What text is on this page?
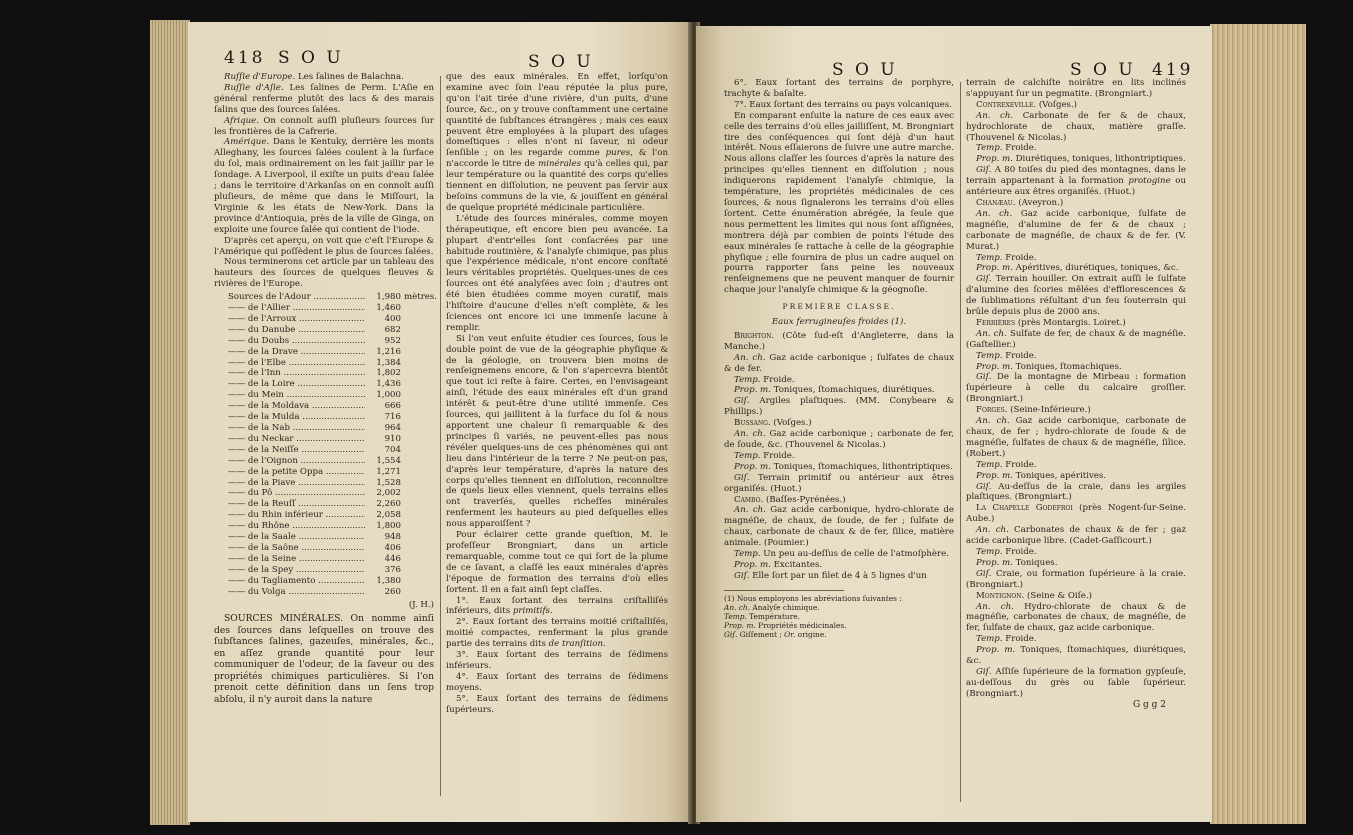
418 S O U	S O U

Ruſſie d'Europe. Les ſalines de Balachna.

Ruſſie d'Aſie. Les ſalines de Perm. L'Aſie en général renferme plutôt des lacs & des marais ſalins que des ſources ſalées.

Afrique. On connoît auſſi pluſieurs ſources ſur les frontières de la Cafrerie.

Amérique. Dans le Kentuky, derrière les monts Alleghany, les ſources ſalées coulent à la ſurface du ſol, mais ordinairement on les fait jaillir par le ſondage. A Liverpool, il exiſte un puits d'eau ſalée ; dans le territoire d'Arkanſas on en connoît auſſi pluſieurs, de même que dans le Miſſouri, la Virginie & les états de New-York. Dans la province d'Antioquia, près de la ville de Ginga, on exploite une ſource ſalée qui contient de l'iode.

D'après cet aperçu, on voit que c'eſt l'Europe & l'Amérique qui poſſèdent le plus de ſources ſalées.

Nous terminerons cet article par un tableau des hauteurs des ſources de quelques fleuves & rivières de l'Europe.

Sources de l'Adour .....	1,980 mètres.
—— de l'Allier .....	1,460
—— de l'Arroux .....	400
—— du Danube .....	682
—— du Doubs .....	952
—— de la Drave .....	1,216
—— de l'Elbe .....	1,384
—— de l'Inn .....	1,802
—— de la Loire .....	1,436
—— du Mein .....	1,000
—— de la Moldava .....	666
—— de la Mulda .....	716
—— de la Nab .....	964
—— du Neckar .....	910
—— de la Neiſſe .....	704
—— de l'Oignon .....	1,554
—— de la petite Oppa .....	1,271
—— de la Piave .....	1,528
—— du Pô .....	2,002
—— de la Reuſſ .....	2,260
—— du Rhin inférieur .....	2,058
—— du Rhône .....	1,800
—— de la Saale .....	948
—— de la Saône .....	406
—— de la Seine .....	446
—— de la Spey .....	376
—— du Tagliamento .....	1,380
—— du Volga .....	260
(J. H.)

SOURCES MINÉRALES. On nomme ainſi des ſources dans leſquelles on trouve des ſubſtances ſalines, gazeuſes, minérales, &c., en aſſez grande quantité pour leur communiquer de l'odeur, de la ſaveur ou des propriétés chimiques particulières. Si l'on prenoit cette définition dans un ſens trop abſolu, il n'y auroit dans la nature

que des eaux minérales. En effet, lorſqu'on examine avec ſoin l'eau réputée la plus pure, qu'on l'ait tirée d'une rivière, d'un puits, d'une ſource, &c., on y trouve conſtamment une certaine quantité de ſubſtances étrangères ; mais ces eaux peuvent être employées à la plupart des uſages domeſtiques : elles n'ont ni ſaveur, ni odeur ſenſible ; on les regarde comme pures, & l'on n'accorde le titre de minérales qu'à celles qui, par leur température ou la quantité des corps qu'elles tiennent en diſſolution, ne peuvent pas ſervir aux beſoins communs de la vie, & jouiſſent en général de quelque propriété médicinale particulière.

L'étude des ſources minérales, comme moyen thérapeutique, eſt encore bien peu avancée. La plupart d'entr'elles ſont conſacrées par une habitude routinière, & l'analyſe chimique, pas plus que l'expérience médicale, n'ont encore conſtaté leurs véritables propriétés. Quelques-unes de ces ſources ont été analyſées avec ſoin ; d'autres ont été bien étudiées comme moyen curatif, mais l'hiſtoire d'aucune d'elles n'eſt complète, & les ſciences ont encore ici une immenſe lacune à remplir.

Si l'on veut enſuite étudier ces ſources, ſous le double point de vue de la géographie phyſique & de la géologie, on trouvera bien moins de renſeignemens encore, & l'on s'apercevra bientôt que tout ici reſte à faire. Certes, en l'envisageant ainſi, l'étude des eaux minérales eſt d'un grand intérêt & peut-être d'une utilité immenſe. Ces ſources, qui jaillitent à la ſurface du ſol & nous apportent une chaleur ſi remarquable & des principes ſi variés, ne peuvent-elles pas nous révéler quelques-uns de ces phénomènes qui ont lieu dans l'intérieur de la terre ? Ne peut-on pas, d'après leur température, d'après la nature des corps qu'elles tiennent en diſſolution, reconnoître de quels lieux elles viennent, quels terrains elles ont traverſés, quelles richeſſes minérales renferment les hauteurs au pied deſquelles elles nous apparoiſſent ?

Pour éclairer cette grande queſtion, M. le profeſſeur Brongniart, dans un article remarquable, comme tout ce qui ſort de la plume de ce ſavant, a claſſé les eaux minérales d'après l'époque de formation des terrains d'où elles ſortent. Il en a fait ainſi ſept claſſes.

1°. Eaux ſortant des terrains criſtalliſés inférieurs, dits primitifs.

2°. Eaux ſortant des terrains moitié criſtalliſés, moitié compactes, renfermant la plus grande partie des terrains dits de tranſition.

3°. Eaux ſortant des terrains de ſédimens inférieurs.

4°. Eaux ſortant des terrains de ſédimens moyens.

5°. Eaux ſortant des terrains de ſédimens ſupérieurs.

S O U	S O U 419

6°. Eaux ſortant des terrains de porphyre, trachyte & baſalte.

7°. Eaux ſortant des terrains ou pays volcaniques.

En comparant enſuite la nature de ces eaux avec celle des terrains d'où elles jailliſſent, M. Brongniart tire des conſéquences qui ſont déjà d'un haut intérêt. Nous eſſaierons de ſuivre une autre marche. Nous allons claſſer les ſources d'après la nature des principes qu'elles tiennent en diſſolution ; nous indiquerons rapidement l'analyſe chimique, la température, les propriétés médicinales de ces ſources, & nous ſignalerons les terrains d'où elles ſortent. Cette énumération abrégée, la ſeule que nous permettent les limites qui nous ſont aſſignées, montrera déjà par combien de points l'étude des eaux minérales ſe rattache à celle de la géographie phyſique ; elle fournira de plus un cadre auquel on pourra rapporter ſans peine les nouveaux renſeignemens que ne peuvent manquer de fournir chaque jour l'analyſe chimique & la géognoſie.

PREMIÈRE CLASSE.

Eaux ferrugineuſes froides (1).

Brighton. (Côte ſud-eſt d'Angleterre, dans la Manche.)

An. ch. Gaz acide carbonique ; ſulfates de chaux & de fer.

Temp. Froide.

Prop. m. Toniques, ſtomachiques, diurétiques.

Giſ. Argiles plaſtiques. (MM. Conybeare & Phillips.)

Bussang. (Voſges.)

An. ch. Gaz acide carbonique ; carbonate de fer, de ſoude, &c. (Thouvenel & Nicolas.)

Temp. Froide.

Prop. m. Toniques, ſtomachiques, lithontriptiques.

Giſ. Terrain primitif ou antérieur aux êtres organiſés. (Huot.)

Cambo. (Baſſes-Pyrénées.)

An. ch. Gaz acide carbonique, hydro-chlorate de magnéſie, de chaux, de ſoude, de fer ; ſulfate de chaux, carbonate de chaux & de fer, ſilice, matière animale. (Poumier.)

Temp. Un peu au-deſſus de celle de l'atmoſphère.

Prop. m. Excitantes.

Giſ. Elle ſort par un filet de 4 à 5 lignes d'un

(1) Nous employons les abréviations ſuivantes :
An. ch. Analyſe chimique.
Temp. Température.
Prop. m. Propriétés médicinales.
Giſ. Giſſement ; Or. origine.

terrain de calchiſte noirâtre en lits inclinés s'appuyant ſur un pegmatite. (Brongniart.)

Contrexeville. (Voſges.)

An. ch. Carbonate de fer & de chaux, hydrochlorate de chaux, matière graſſe. (Thouvenel & Nicolas.)

Temp. Froide.

Prop. m. Diurétiques, toniques, lithontriptiques.

Giſ. A 80 toiſes du pied des montagnes, dans le terrain appartenant à la formation protogine ou antérieure aux êtres organiſés. (Huot.)

Chanæau. (Aveyron.)

An. ch. Gaz acide carbonique, ſulfate de magnéſie, d'alumine de fer & de chaux ; carbonate de magnéſie, de chaux & de fer. (V. Murat.)

Temp. Froide.

Prop. m. Apéritives, diurétiques, toniques, &c.

Giſ. Terrain houiller. On extrait auſſi le ſulfate d'alumine des ſcories mêlées d'efflorescences & de ſublimations réſultant d'un feu ſouterrain qui brûle depuis plus de 2000 ans.

Ferrières (près Montargis. Loiret.)

An. ch. Sulfate de fer, de chaux & de magnéſie. (Gaſtellier.)

Temp. Froide.

Prop. m. Toniques, ſtomachiques.

Giſ. De la montagne de Mirbeau : formation ſupérieure à celle du calcaire groſſier. (Brongniart.)

Forges. (Seine-Inférieure.)

An. ch. Gaz acide carbonique, carbonate de chaux, de fer ; hydro-chlorate de ſoude & de magnéſie, ſulfates de chaux & de magnéſie, ſilice. (Robert.)

Temp. Froide.

Prop. m. Toniques, apéritives.

Giſ. Au-deſſus de la craie, dans les argiles plaſtiques. (Brongniart.)

La Chapelle Godefroi (près Nogent-ſur-Seine. Aube.)

An. ch. Carbonates de chaux & de fer ; gaz acide carbonique libre. (Cadet-Gaſſicourt.)

Temp. Froide.

Prop. m. Toniques.

Giſ. Craie, ou formation ſupérieure à la craie. (Brongniart.)

Montignon. (Seine & Oiſe.)

An. ch. Hydro-chlorate de chaux & de magnéſie, carbonates de chaux, de magnéſie, de fer, ſulfate de chaux, gaz acide carbonique.

Temp. Froide.

Prop. m. Toniques, ſtomachiques, diurétiques, &c.

Giſ. Aſſiſe ſupérieure de la formation gypſeuſe, au-deſſous du grès ou ſable ſupérieur. (Brongniart.)

G g g 2
